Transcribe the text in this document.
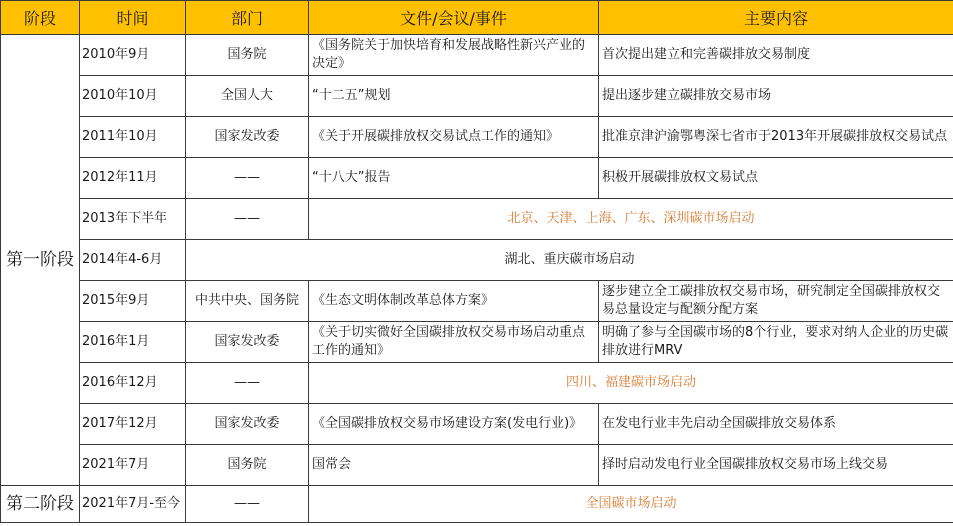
阶段	时间	部门	文件/会议/事件	主要内容
第一阶段	2010年9月	国务院	《国务院关于加快培育和发展战略性新兴产业的决定》	首次提出建立和完善碳排放交易制度
	2010年10月	全国人大	“十二五”规划	提出逐步建立碳排放交易市场
	2011年10月	国家发改委	《关于开展碳排放权交易试点工作的通知》	批准京津沪渝鄂粤深七省市于2013年开展碳排放权交易试点
	2012年11月	——	“十八大”报告	积极开展碳排放权文易试点
	2013年下半年	——	北京、天津、上海、广东、深圳碳市场启动	
	2014年4-6月	湖北、重庆碳市场启动		
	2015年9月	中共中央、国务院	《生态文明体制改革总体方案》	逐步建立全工碳排放权交易市场，研究制定全国碳排放权交易总量设定与配额分配方案
	2016年1月	国家发改委	《关于切实微好全国碳排放权交易市场启动重点工作的通知》	明确了参与全国碳市场的8个行业，要求对纳人企业的历史碳排放进行MRV
	2016年12月	——	四川、福建碳市场启动	
	2017年12月	国家发改委	《全国碳排放权交易市场建设方案(发电行业)》	在发电行业丰先启动全国碳排放交易体系
	2021年7月	国务院	国常会	择时启动发电行业全国碳排放权交易市场上线交易
第二阶段	2021年7月-至今	——	全国碳市场启动	
